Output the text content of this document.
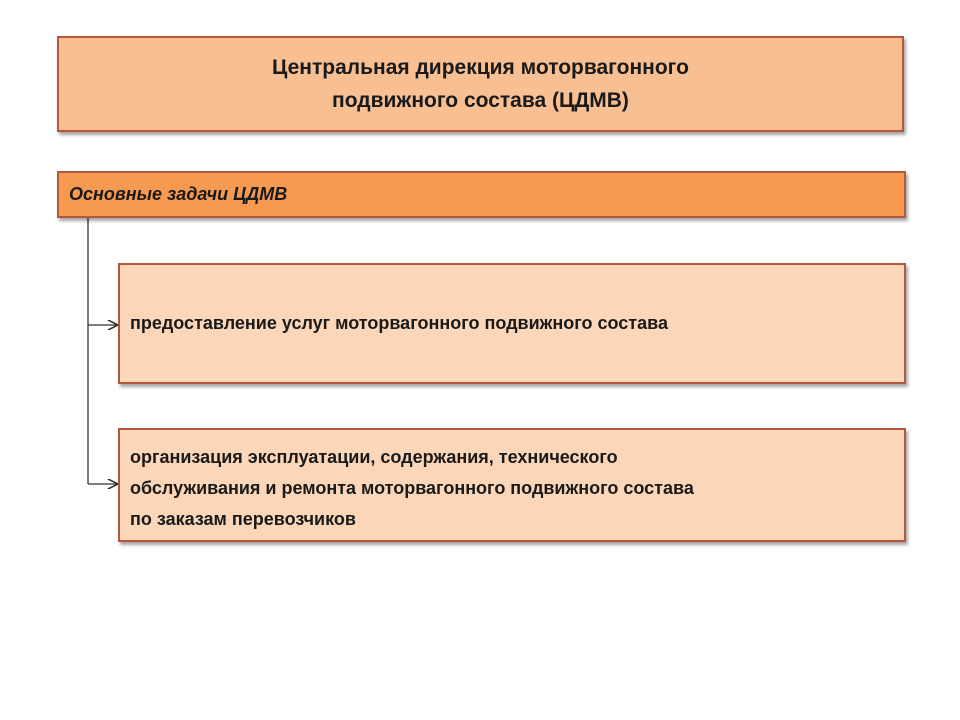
Центральная дирекция моторвагонного
подвижного состава (ЦДМВ)
Основные задачи ЦДМВ
предоставление услуг моторвагонного подвижного состава
организация эксплуатации, содержания, технического
обслуживания и ремонта моторвагонного подвижного состава
по заказам перевозчиков
